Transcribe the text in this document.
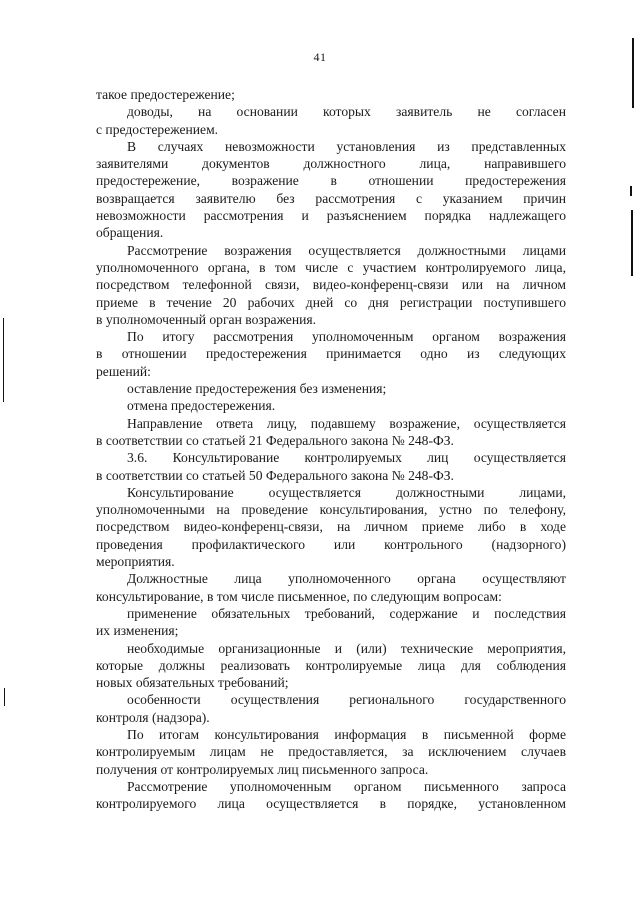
41
такое предостережение;
доводы, на основании которых заявитель не согласен
с предостережением.
В случаях невозможности установления из представленных
заявителями документов должностного лица, направившего
предостережение, возражение в отношении предостережения
возвращается заявителю без рассмотрения с указанием причин
невозможности рассмотрения и разъяснением порядка надлежащего
обращения.
Рассмотрение возражения осуществляется должностными лицами
уполномоченного органа, в том числе с участием контролируемого лица,
посредством телефонной связи, видео-конференц-связи или на личном
приеме в течение 20 рабочих дней со дня регистрации поступившего
в уполномоченный орган возражения.
По итогу рассмотрения уполномоченным органом возражения
в отношении предостережения принимается одно из следующих
решений:
оставление предостережения без изменения;
отмена предостережения.
Направление ответа лицу, подавшему возражение, осуществляется
в соответствии со статьей 21 Федерального закона № 248-ФЗ.
3.6. Консультирование контролируемых лиц осуществляется
в соответствии со статьей 50 Федерального закона № 248-ФЗ.
Консультирование осуществляется должностными лицами,
уполномоченными на проведение консультирования, устно по телефону,
посредством видео-конференц-связи, на личном приеме либо в ходе
проведения профилактического или контрольного (надзорного)
мероприятия.
Должностные лица уполномоченного органа осуществляют
консультирование, в том числе письменное, по следующим вопросам:
применение обязательных требований, содержание и последствия
их изменения;
необходимые организационные и (или) технические мероприятия,
которые должны реализовать контролируемые лица для соблюдения
новых обязательных требований;
особенности осуществления регионального государственного
контроля (надзора).
По итогам консультирования информация в письменной форме
контролируемым лицам не предоставляется, за исключением случаев
получения от контролируемых лиц письменного запроса.
Рассмотрение уполномоченным органом письменного запроса
контролируемого лица осуществляется в порядке, установленном
